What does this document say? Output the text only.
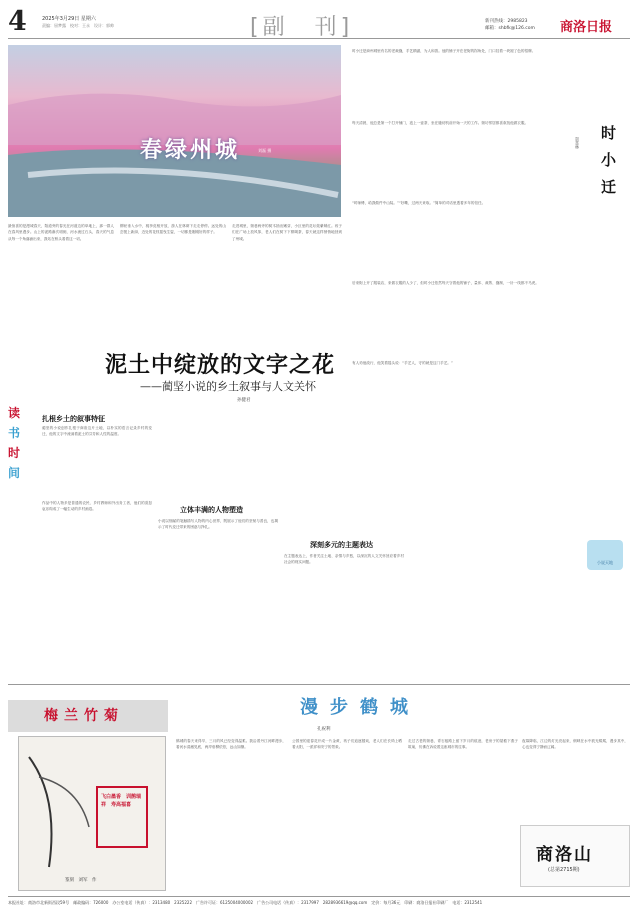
4	2025年3月29日 星期六
责编：屈梦露　校对：王永　设计：郭帅	[副　刊]	新刊热线：2985823
邮箱：shbfk@126.com	商洛日报
春绿州城	刘磊 摄
最惊喜的是漫城春天，陌道旁的春光在河道边的草地上，那一群人在春风里漫步。山上的泥路渐次明朗，河水流过石头，春天的气息从每一个角落涌出来，我站在桥头看着这一切。
柳丝垂入水中，桃李竞相开放，游人在林荫下走走停停。远处的山峦披上新绿，近处的花枝摇曳生姿，一切都是刚刚好的样子。
走进城里，街巷两旁的树木抽出嫩芽，小区里的花坛姹紫嫣红。孩子们在广场上放风筝，老人们在树下下棋喝茶，春天就这样悄悄地回到了州城。
时小迁是商州城里有名的老裁缝，手艺精湛，为人和善。他的铺子开在老街的拐角处，门口挂着一块褪了色的招牌。
时小迁
贺喜林
每天清晨，他总是第一个打开铺门，泡上一壶茶，坐在缝纫机前开始一天的工作。街坊邻居都喜欢找他做衣服。
“时师傅，给我做件中山装。”“好嘞，过两天来取。”简单的对话里透着多年的信任。
后来街上开了服装店，来做衣服的人少了，但时小迁依然每天守着他的铺子，量体、裁剪、缝制，一针一线都不马虎。
有人劝他改行，他笑着摇头说：“手艺人，守的就是这门手艺。”
小说天地
泥土中绽放的文字之花
——蔺坚小说的乡土叙事与人文关怀
孙健君
读
书
时
间
扎根乡土的叙事特征
蔺坚的小说创作扎根于商洛这片土地，以朴实的语言记录乡村的变迁，他的文字中流淌着泥土的芬芳和人性的温度。
作品中的人物多是普通的农民、乡村教师和外出务工者，他们的喜怒哀乐构成了一幅生动的乡村画卷。	立体丰满的人物塑造
小说以细腻的笔触描写人物的内心世界，既展示了他们的坚韧与善良，也揭示了时代变迁带来的困惑与挣扎。
深刻多元的主题表达
在主题表达上，作者关注土地、亲情与乡愁，以深沉的人文关怀回应着乡村社会的现实问题。
梅兰竹菊
飞白墨香　训鹊瑞祥　寿高福喜
篆刻　刘军　作
漫步鹤城
孔祝利
鹤城的春天来得早，三月的风已经变得温柔。我沿着丹江河畔漫步，看河水清澈见底，两岸垂柳依依，远山如黛。
公园里的迎春花开成一片金黄，孩子们追逐嬉戏，老人们在长椅上晒着太阳，一派祥和安宁的景象。
走过古老的街巷，青石板路上留下岁月的痕迹，老房子的屋檐下燕子筑巢，仿佛在诉说着这座城市的往事。
夜幕降临，江边的灯光亮起来，倒映在水中波光粼粼，漫步其中，心也变得宁静而辽阔。
商洛山
(总第2715期)
本报社址：商洛市北新街西段59号　邮政编码：726000　办公室电话（传真）：2313480　2325222　广告许可证：6125004000002　广告公司电话（传真）：2317997　2828936619@qq.com　定价：每月36元　印刷：商洛日报社印刷厂　电话：2312541
